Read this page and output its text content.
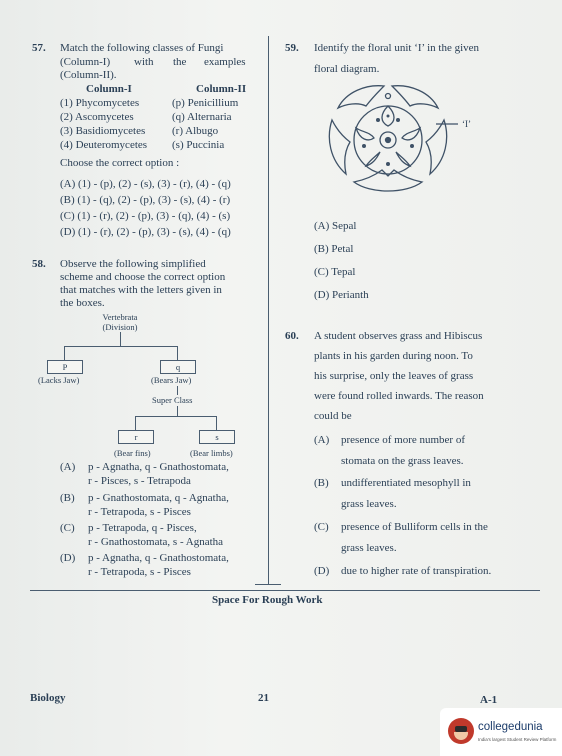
57. Match the following classes of Fungi
(Column-I) with the examples
(Column-II).
Column-I	Column-II
(1) Phycomycetes	(p) Penicillium
(2) Ascomycetes	(q) Alternaria
(3) Basidiomycetes (r) Albugo
(4) Deuteromycetes (s) Puccinia
Choose the correct option :
(A) (1) - (p), (2) - (s), (3) - (r), (4) - (q)
(B) (1) - (q), (2) - (p), (3) - (s), (4) - (r)
(C) (1) - (r), (2) - (p), (3) - (q), (4) - (s)
(D) (1) - (r), (2) - (p), (3) - (s), (4) - (q)
58. Observe the following simplified
scheme and choose the correct option
that matches with the letters given in
the boxes.
Vertebrata
(Division)
P	q
(Lacks Jaw)	(Bears Jaw)
Super Class
r	s
(Bear fins)	(Bear limbs)
(A) p - Agnatha, q - Gnathostomata,
r - Pisces, s - Tetrapoda
(B) p - Gnathostomata, q - Agnatha,
r - Tetrapoda, s - Pisces
(C) p - Tetrapoda, q - Pisces,
r - Gnathostomata, s - Agnatha
(D) p - Agnatha, q - Gnathostomata,
r - Tetrapoda, s - Pisces
59. Identify the floral unit ‘I’ in the given
floral diagram.
‘I’
(A) Sepal
(B) Petal
(C) Tepal
(D) Perianth
60. A student observes grass and Hibiscus
plants in his garden during noon. To
his surprise, only the leaves of grass
were found rolled inwards. The reason
could be
(A) presence of more number of
stomata on the grass leaves.
(B) undifferentiated mesophyll in
grass leaves.
(C) presence of Bulliform cells in the
grass leaves.
(D) due to higher rate of transpiration.
Space For Rough Work
Biology	21	A-1
collegedunia
India's largest Student Review Platform
